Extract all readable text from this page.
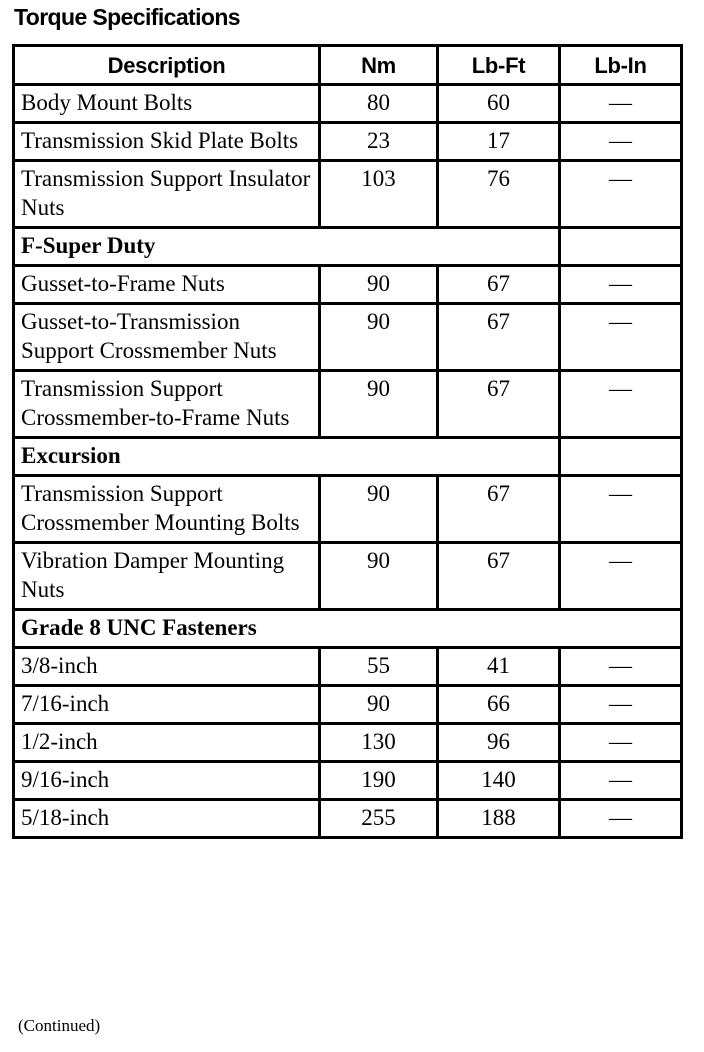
Torque Specifications
Description	Nm	Lb-Ft	Lb-In
Body Mount Bolts	80	60	—
Transmission Skid Plate Bolts	23	17	—
Transmission Support Insulator Nuts	103	76	—
F-Super Duty			
Gusset-to-Frame Nuts	90	67	—
Gusset-to-Transmission Support Crossmember Nuts	90	67	—
Transmission Support Crossmember-to-Frame Nuts	90	67	—
Excursion			
Transmission Support Crossmember Mounting Bolts	90	67	—
Vibration Damper Mounting Nuts	90	67	—
Grade 8 UNC Fasteners			
3/8-inch	55	41	—
7/16-inch	90	66	—
1/2-inch	130	96	—
9/16-inch	190	140	—
5/18-inch	255	188	—
(Continued)
